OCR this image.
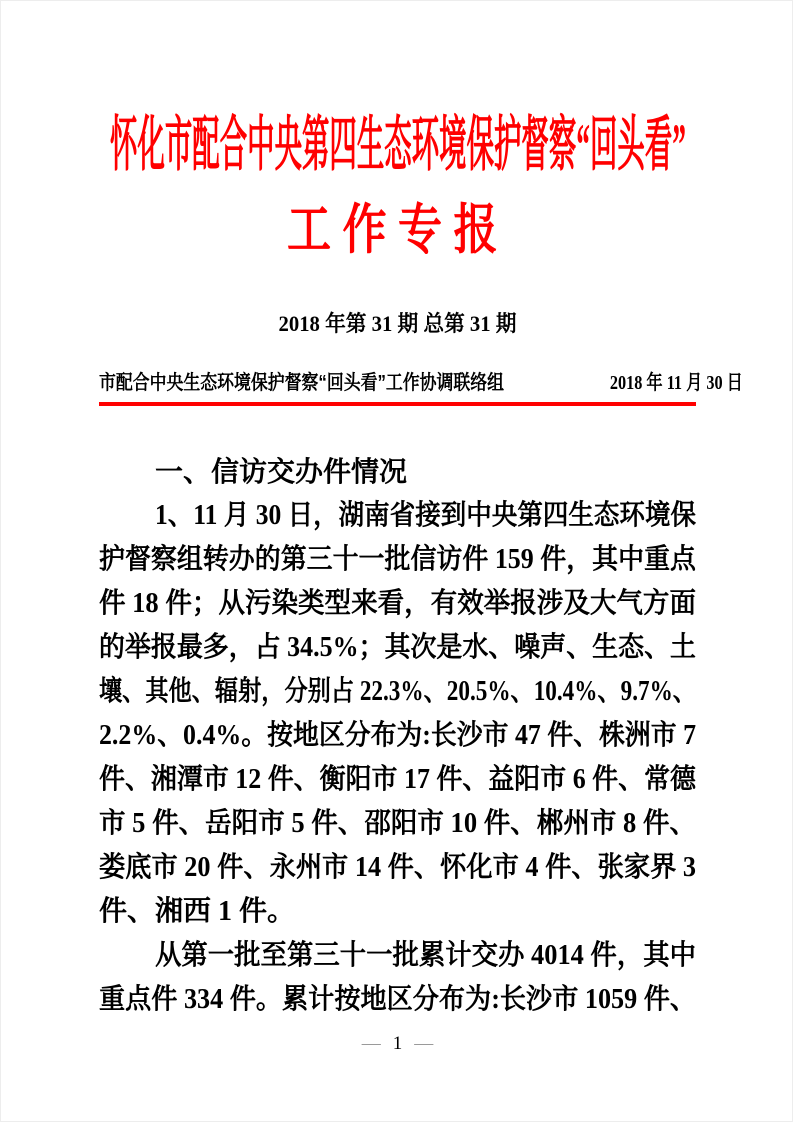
怀化市配合中央第四生态环境保护督察“回头看”
工作专报
2018 年第 31 期 总第 31 期
市配合中央生态环境保护督察“回头看”工作协调联络组	2018 年 11 月 30 日
一、信访交办件情况
1、11 月 30 日，湖南省接到中央第四生态环境保
护督察组转办的第三十一批信访件 159 件，其中重点
件 18 件；从污染类型来看，有效举报涉及大气方面
的举报最多，占 34.5%；其次是水、噪声、生态、土
壤、其他、辐射，分别占 22.3%、20.5%、10.4%、9.7%、
2.2%、0.4%。按地区分布为:长沙市 47 件、株洲市 7
件、湘潭市 12 件、衡阳市 17 件、益阳市 6 件、常德
市 5 件、岳阳市 5 件、邵阳市 10 件、郴州市 8 件、
娄底市 20 件、永州市 14 件、怀化市 4 件、张家界 3
件、湘西 1 件。
从第一批至第三十一批累计交办 4014 件，其中
重点件 334 件。累计按地区分布为:长沙市 1059 件、
— 1 —
